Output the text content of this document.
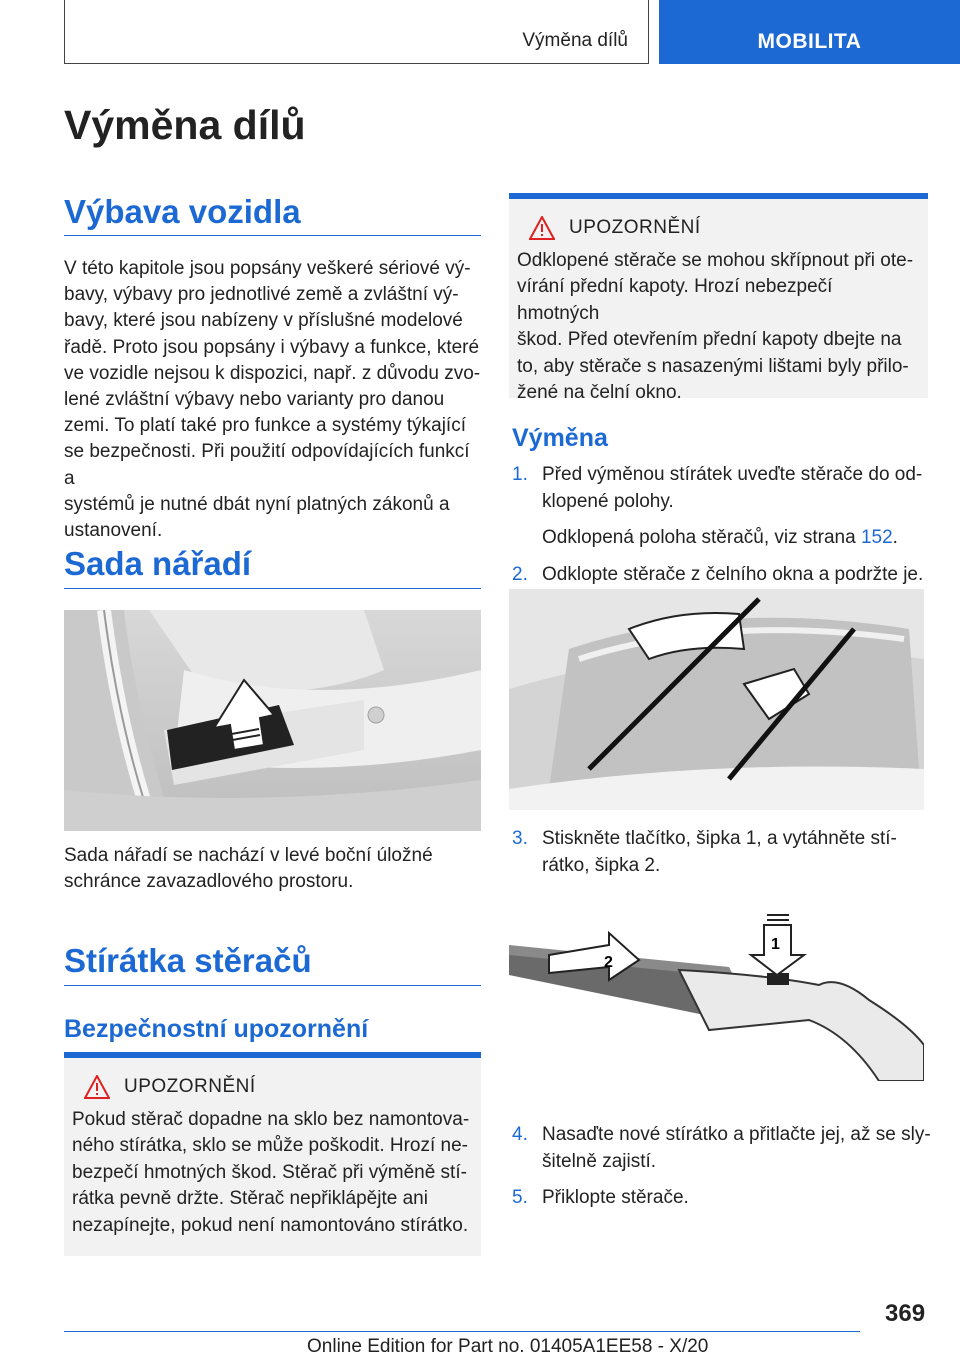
Výměna dílů	MOBILITA
Výměna dílů
Výbava vozidla
V této kapitole jsou popsány veškeré sériové vý‐
bavy, výbavy pro jednotlivé země a zvláštní vý‐
bavy, které jsou nabízeny v příslušné modelové
řadě. Proto jsou popsány i výbavy a funkce, které
ve vozidle nejsou k dispozici, např. z důvodu zvo‐
lené zvláštní výbavy nebo varianty pro danou
zemi. To platí také pro funkce a systémy týkající
se bezpečnosti. Při použití odpovídajících funkcí a
systémů je nutné dbát nyní platných zákonů a
ustanovení.
Sada nářadí
Sada nářadí se nachází v levé boční úložné
schránce zavazadlového prostoru.
Stírátka stěračů
Bezpečnostní upozornění
UPOZORNĚNÍ
Pokud stěrač dopadne na sklo bez namontova‐
ného stírátka, sklo se může poškodit. Hrozí ne‐
bezpečí hmotných škod. Stěrač při výměně stí‐
rátka pevně držte. Stěrač nepřiklápějte ani
nezapínejte, pokud není namontováno stírátko.
UPOZORNĚNÍ
Odklopené stěrače se mohou skřípnout při ote‐
vírání přední kapoty. Hrozí nebezpečí hmotných
škod. Před otevřením přední kapoty dbejte na
to, aby stěrače s nasazenými lištami byly přilo‐
žené na čelní okno.
Výměna
1. Před výměnou stírátek uveďte stěrače do od‐
klopené polohy.
Odklopená poloha stěračů, viz strana 152.
2. Odklopte stěrače z čelního okna a podržte je.
3. Stiskněte tlačítko, šipka 1, a vytáhněte stí‐
rátko, šipka 2.
2
1
4. Nasaďte nové stírátko a přitlačte jej, až se sly‐
šitelně zajistí.
5. Přiklopte stěrače.
369
Online Edition for Part no. 01405A1EE58 - X/20
